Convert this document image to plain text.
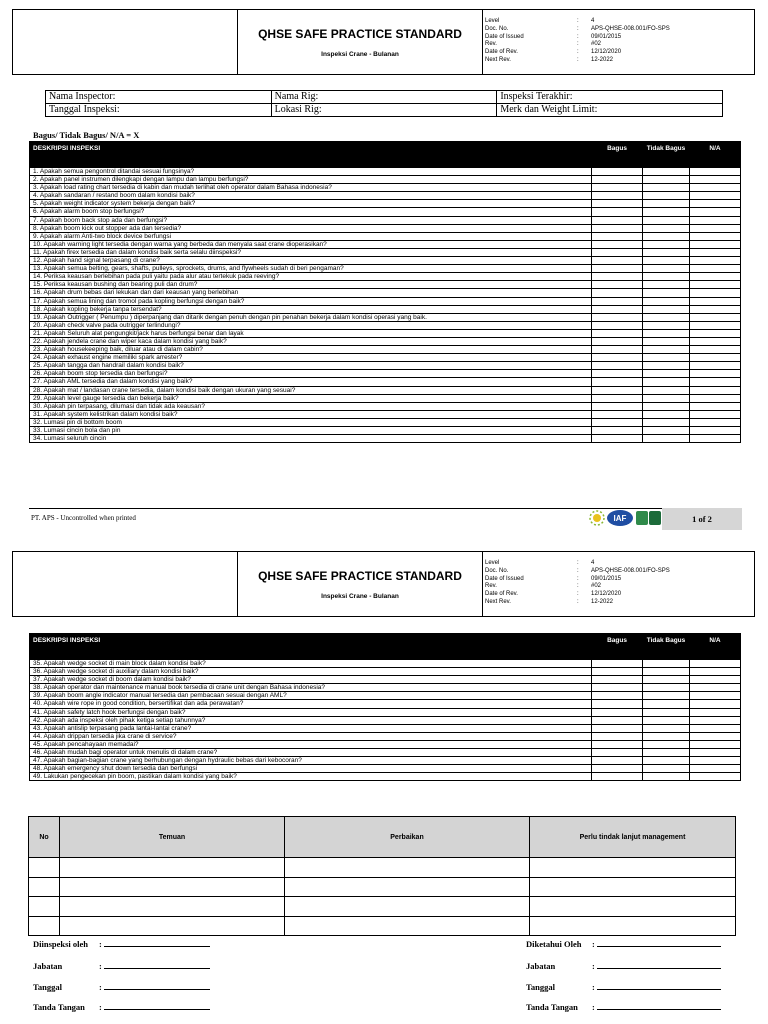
QHSE SAFE PRACTICE STANDARD
Inspeksi Crane - Bulanan
Level	:	4
Doc. No.	:	APS-QHSE-008.001/FO-SPS
Date of Issued	:	09/01/2015
Rev.	:	#02
Date of Rev.	:	12/12/2020
Next Rev.	:	12-2022
Nama Inspector:	Nama Rig:	Inspeksi Terakhir:
Tanggal Inspeksi:	Lokasi Rig:	Merk dan Weight Limit:
Bagus/ Tidak Bagus/ N/A = X
DESKRIPSI INSPEKSI	Bagus	Tidak Bagus	N/A
1. Apakah semua pengontrol ditandai sesuai fungsinya?			
2. Apakah panel instrumen dilengkapi dengan lampu dan lampu berfungsi?			
3. Apakah load rating chart tersedia di kabin dan mudah terlihat oleh operator dalam Bahasa indonesia?			
4. Apakah sandaran / restand boom dalam kondisi baik?			
5. Apakah weight indicator system bekerja dengan baik?			
6. Apakah alarm boom stop berfungsi?			
7. Apakah boom back stop ada dan berfungsi?			
8. Apakah boom kick out stopper ada dan tersedia?			
9. Apakah alarm Anti-two block device berfungsi			
10. Apakah warning light tersedia dengan warna yang berbeda dan menyala saat crane dioperasikan?			
11. Apakah firex tersedia dan dalam kondisi baik serta selalu diinspeksi?			
12. Apakah hand signal terpasang di crane?			
13. Apakah semua belting, gears, shafts, pulleys, sprockets, drums, and flywheels sudah di beri pengaman?			
14. Periksa keausan berlebihan pada puli yaitu pada alur atau tertekuk pada reeving?			
15. Periksa keausan bushing dan bearing puli dan drum?			
16. Apakah drum bebas dari lekukan dan dari keausan yang berlebihan			
17. Apakah semua lining dan tromol pada kopling berfungsi dengan baik?			
18. Apakah kopling bekerja tanpa tersendat?			
19. Apakah Outrigger ( Penumpu ) diperpanjang dan ditarik dengan penuh dengan pin penahan bekerja dalam kondisi operasi yang baik.			
20. Apakah check valve pada outrigger terlindungi?			
21. Apakah Seluruh alat pengungkit/jack harus berfungsi benar dan layak			
22. Apakah jendela crane dan wiper kaca dalam kondisi yang baik?			
23. Apakah housekeeping baik, diluar atau di dalam cabin?			
24. Apakah exhaust engine memiliki spark arrester?			
25. Apakah tangga dan handrail dalam kondisi baik?			
26. Apakah boom stop tersedia dan berfungsi?			
27. Apakah AML tersedia dan dalam kondisi yang baik?			
28. Apakah mat / landasan crane tersedia, dalam kondisi baik dengan ukuran yang sesuai?			
29. Apakah level gauge tersedia dan bekerja baik?			
30. Apakah pin terpasang, dilumasi dan tidak ada keausan?			
31. Apakah system kelistrikan dalam kondisi baik?			
32. Lumasi pin di bottom boom			
33. Lumasi cincin bola dan pin			
34. Lumasi seluruh cincin			
PT. APS - Uncontrolled when printed	IAF	1 of 2
QHSE SAFE PRACTICE STANDARD
Inspeksi Crane - Bulanan
Level	:	4
Doc. No.	:	APS-QHSE-008.001/FO-SPS
Date of Issued	:	09/01/2015
Rev.	:	#02
Date of Rev.	:	12/12/2020
Next Rev.	:	12-2022
DESKRIPSI INSPEKSI	Bagus	Tidak Bagus	N/A
35. Apakah wedge socket di main block dalam kondisi baik?			
36. Apakah wedge socket di auxiliary dalam kondisi baik?			
37. Apakah wedge socket di boom dalam kondisi baik?			
38. Apakah operator dan maintenance manual book tersedia di crane unit dengan Bahasa indonesia?			
39. Apakah boom angle indicator manual tersedia dan pembacaan sesuai dengan AML?			
40. Apakah wire rope in good condition, bersertifikat dan ada perawatan?			
41. Apakah safety latch hook berfungsi dengan baik?			
42. Apakah ada inspeksi oleh pihak ketiga setiap tahunnya?			
43. Apakah antislip terpasang pada lantai-lantai crane?			
44. Apakah drippan tersedia jika crane di service?			
45. Apakah pencahayaan memadai?			
46. Apakah mudah bagi operator untuk menulis di dalam crane?			
47. Apakah bagian-bagian crane yang berhubungan dengan hydraulic bebas dari kebocoran?			
48. Apakah emergency shut down tersedia dan berfungsi			
49. Lakukan pengecekan pin boom, pastikan dalam kondisi yang baik?			
No	Temuan	Perbaikan	Perlu tindak lanjut management

Diinspeksi oleh :
Jabatan	:
Tanggal	:
Tanda Tangan :
Diketahui Oleh :
Jabatan	:
Tanggal	:
Tanda Tangan :
